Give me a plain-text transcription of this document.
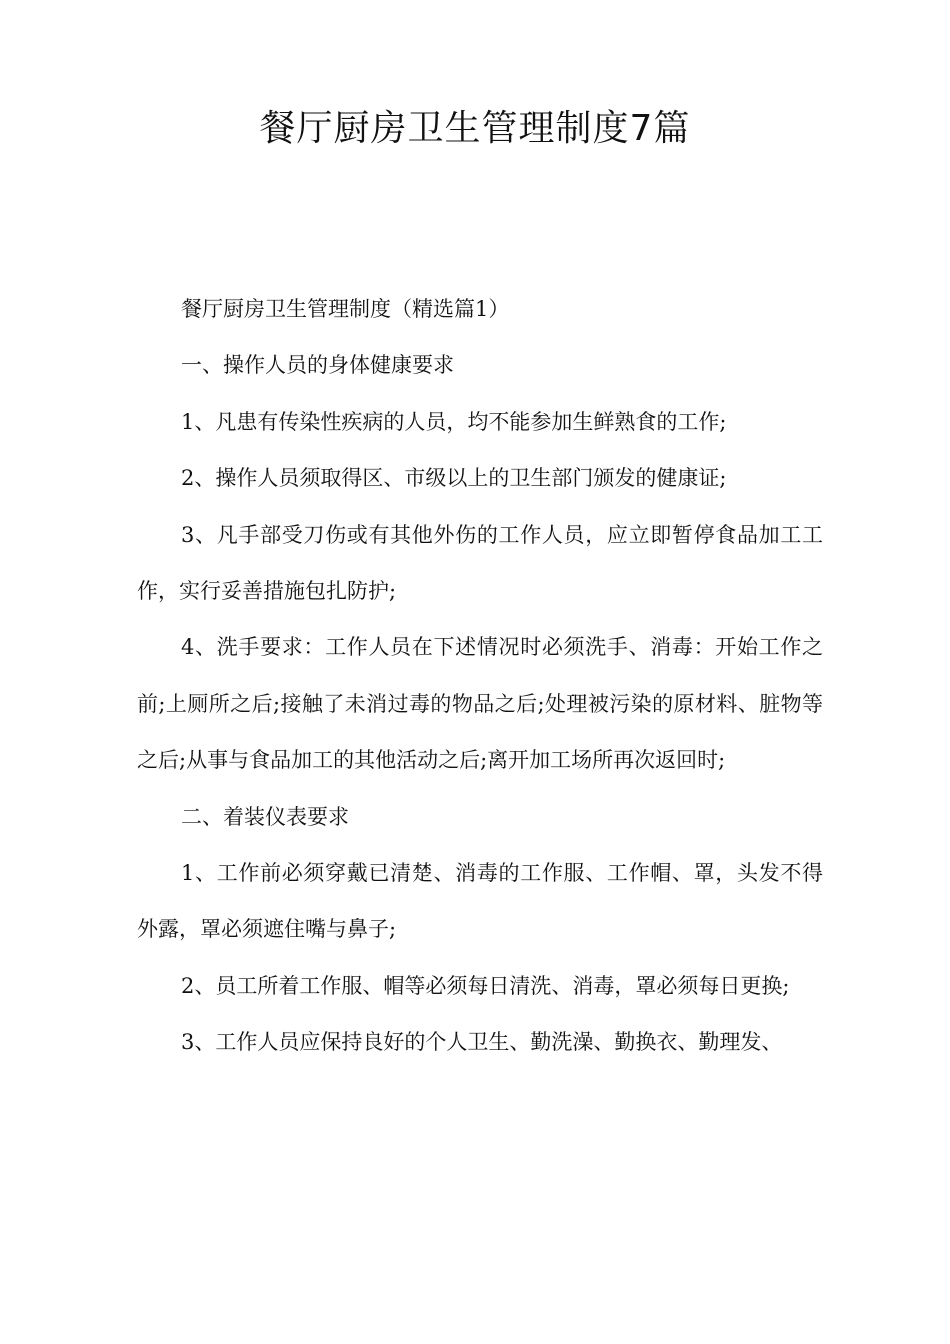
餐厅厨房卫生管理制度7篇

餐厅厨房卫生管理制度（精选篇1）

一、操作人员的身体健康要求

1、凡患有传染性疾病的人员，均不能参加生鲜熟食的工作;

2、操作人员须取得区、市级以上的卫生部门颁发的健康证;

3、凡手部受刀伤或有其他外伤的工作人员，应立即暂停食品加工工作，实行妥善措施包扎防护;

4、洗手要求：工作人员在下述情况时必须洗手、消毒：开始工作之前;上厕所之后;接触了未消过毒的物品之后;处理被污染的原材料、脏物等之后;从事与食品加工的其他活动之后;离开加工场所再次返回时;

二、着装仪表要求

1、工作前必须穿戴已清楚、消毒的工作服、工作帽、罩，头发不得外露，罩必须遮住嘴与鼻子;

2、员工所着工作服、帽等必须每日清洗、消毒，罩必须每日更换;

3、工作人员应保持良好的个人卫生、勤洗澡、勤换衣、勤理发、
